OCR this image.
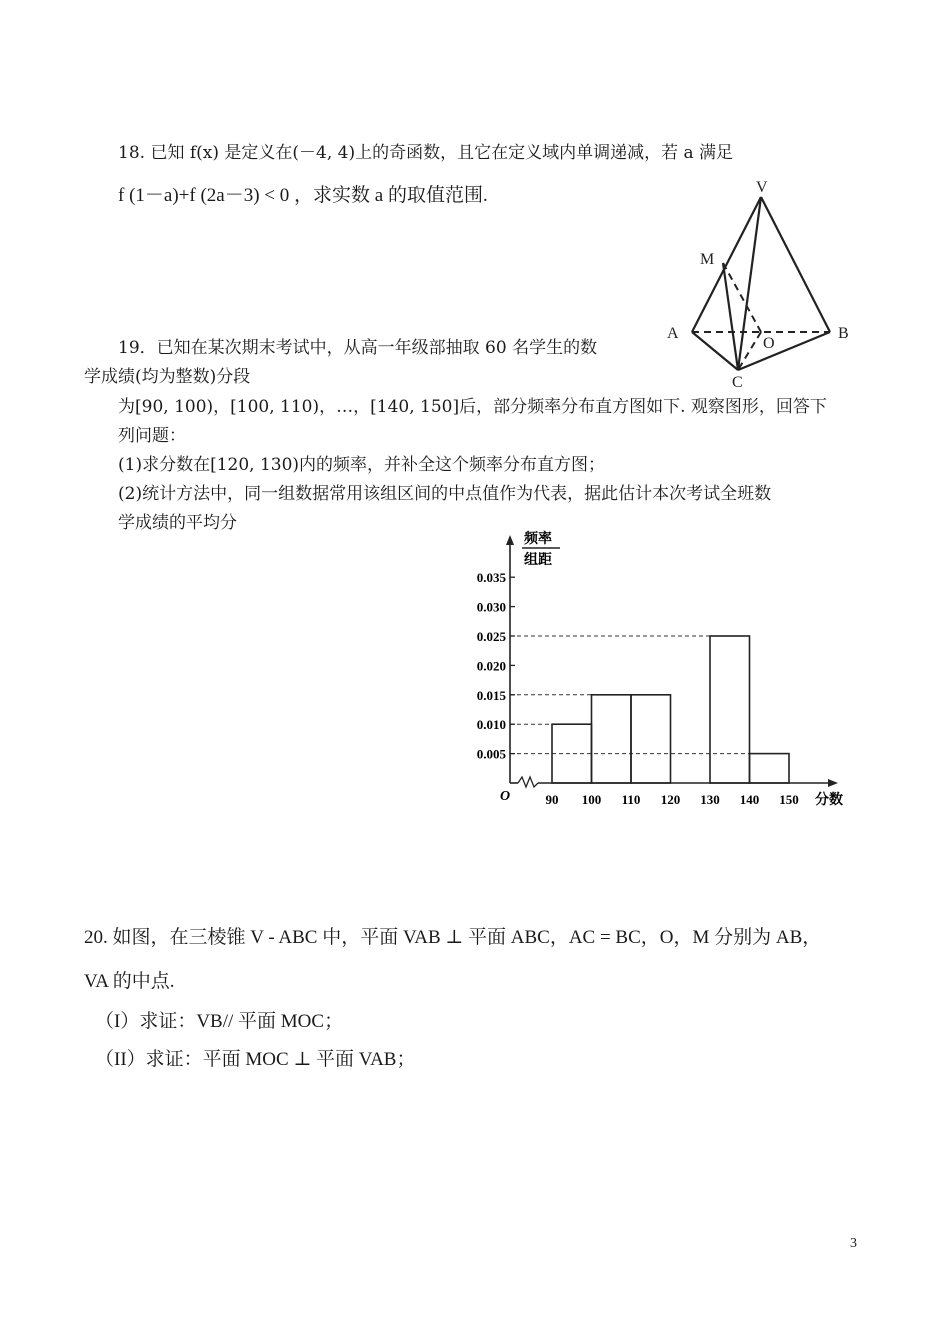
18. 已知 f(x) 是定义在(－4, 4)上的奇函数，且它在定义域内单调递减，若 a 满足
f (1－a)+f (2a－3) < 0 ，求实数 a 的取值范围.	V
M
A
O
B
C
19．已知在某次期末考试中，从高一年级部抽取 60 名学生的数
学成绩(均为整数)分段
为[90, 100)，[100, 110)，…，[140, 150]后，部分频率分布直方图如下. 观察图形，回答下
列问题：
(1)求分数在[120, 130)内的频率，并补全这个频率分布直方图；
(2)统计方法中，同一组数据常用该组区间的中点值作为代表，据此估计本次考试全班数
学成绩的平均分
频率
组距
O	分数
0.005
0.010
0.015
0.020
0.025
0.030
0.035
90 100 110 120 130 140 150
20. 如图，在三棱锥 V - ABC 中，平面 VAB ⊥ 平面 ABC，AC = BC，O，M 分别为 AB，
VA 的中点.
（I）求证：VB// 平面 MOC；
（II）求证：平面 MOC ⊥ 平面 VAB；
3
